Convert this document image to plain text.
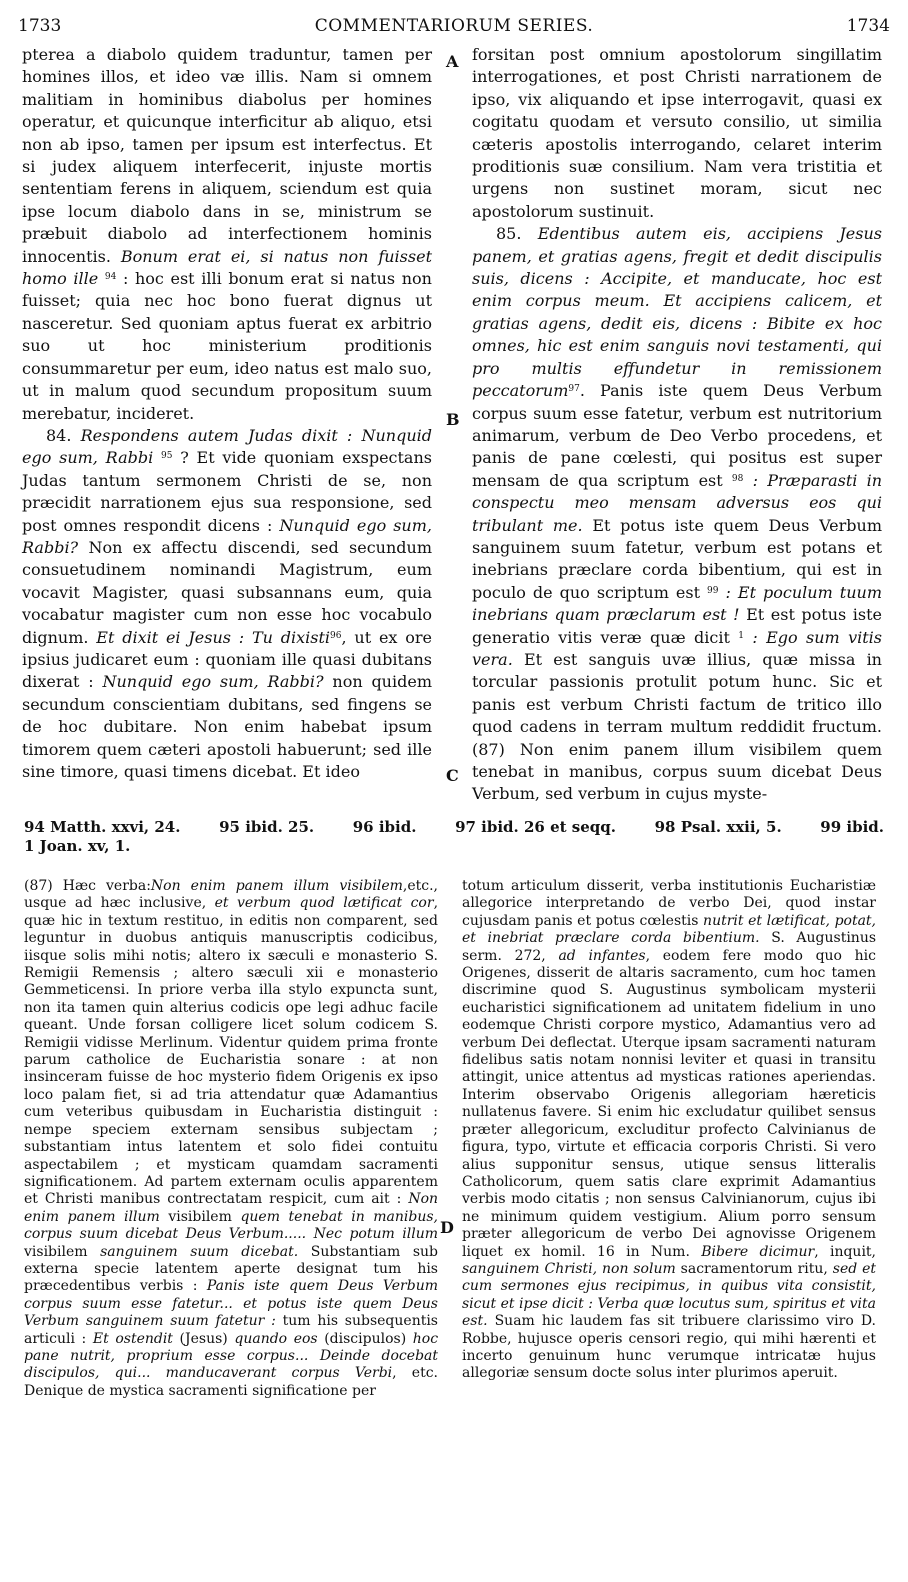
1733	COMMENTARIORUM SERIES.	1734

pterea a diabolo quidem traduntur, tamen per homines illos, et ideo væ illis. Nam si omnem malitiam in hominibus diabolus per homines operatur, et quicunque interficitur ab aliquo, etsi non ab ipso, tamen per ipsum est interfectus. Et si judex aliquem interfecerit, injuste mortis sententiam ferens in aliquem, sciendum est quia ipse locum diabolo dans in se, ministrum se præbuit diabolo ad interfectionem hominis innocentis. Bonum erat ei, si natus non fuisset homo ille $^{94}$ : hoc est illi bonum erat si natus non fuisset; quia nec hoc bono fuerat dignus ut nasceretur. Sed quoniam aptus fuerat ex arbitrio suo ut hoc ministerium proditionis consummaretur per eum, ideo natus est malo suo, ut in malum quod secundum propositum suum merebatur, incideret.

84. Respondens autem Judas dixit : Nunquid ego sum, Rabbi $^{95}$ ? Et vide quoniam exspectans Judas tantum sermonem Christi de se, non præcidit narrationem ejus sua responsione, sed post omnes respondit dicens : Nunquid ego sum, Rabbi? Non ex affectu discendi, sed secundum consuetudinem nominandi Magistrum, eum vocavit Magister, quasi subsannans eum, quia vocabatur magister cum non esse hoc vocabulo dignum. Et dixit ei Jesus : Tu dixisti$^{96}$, ut ex ore ipsius judicaret eum : quoniam ille quasi dubitans dixerat : Nunquid ego sum, Rabbi? non quidem secundum conscientiam dubitans, sed fingens se de hoc dubitare. Non enim habebat ipsum timorem quem cæteri apostoli habuerunt; sed ille sine timore, quasi timens dicebat. Et ideo

A
B
C
D

forsitan post omnium apostolorum singillatim interrogationes, et post Christi narrationem de ipso, vix aliquando et ipse interrogavit, quasi ex cogitatu quodam et versuto consilio, ut similia cæteris apostolis interrogando, celaret interim proditionis suæ consilium. Nam vera tristitia et urgens non sustinet moram, sicut nec apostolorum sustinuit.

85. Edentibus autem eis, accipiens Jesus panem, et gratias agens, fregit et dedit discipulis suis, dicens : Accipite, et manducate, hoc est enim corpus meum. Et accipiens calicem, et gratias agens, dedit eis, dicens : Bibite ex hoc omnes, hic est enim sanguis novi testamenti, qui pro multis effundetur in remissionem peccatorum$^{97}$. Panis iste quem Deus Verbum corpus suum esse fatetur, verbum est nutritorium animarum, verbum de Deo Verbo procedens, et panis de pane cœlesti, qui positus est super mensam de qua scriptum est $^{98}$ : Præparasti in conspectu meo mensam adversus eos qui tribulant me. Et potus iste quem Deus Verbum sanguinem suum fatetur, verbum est potans et inebrians præclare corda bibentium, qui est in poculo de quo scriptum est $^{99}$ : Et poculum tuum inebrians quam præclarum est ! Et est potus iste generatio vitis veræ quæ dicit $^1$ : Ego sum vitis vera. Et est sanguis uvæ illius, quæ missa in torcular passionis protulit potum hunc. Sic et panis est verbum Christi factum de tritico illo quod cadens in terram multum reddidit fructum.(87) Non enim panem illum visibilem quem tenebat in manibus, corpus suum dicebat Deus Verbum, sed verbum in cujus myste-

94 Matth. xxvi, 24.	95 ibid. 25.	96 ibid.	97 ibid. 26 et seqq.	98 Psal. xxii, 5.	99 ibid.
1 Joan. xv, 1.

(87) Hæc verba:Non enim panem illum visibilem,etc., usque ad hæc inclusive, et verbum quod lætificat cor, quæ hic in textum restituo, in editis non comparent, sed leguntur in duobus antiquis manuscriptis codicibus, iisque solis mihi notis; altero ix sæculi e monasterio S. Remigii Remensis ; altero sæculi xii e monasterio Gemmeticensi. In priore verba illa stylo expuncta sunt, non ita tamen quin alterius codicis ope legi adhuc facile queant. Unde forsan colligere licet solum codicem S. Remigii vidisse Merlinum. Videntur quidem prima fronte parum catholice de Eucharistia sonare : at non insinceram fuisse de hoc mysterio fidem Origenis ex ipso loco palam fiet, si ad tria attendatur quæ Adamantius cum veteribus quibusdam in Eucharistia distinguit : nempe speciem externam sensibus subjectam ; substantiam intus latentem et solo fidei contuitu aspectabilem ; et mysticam quamdam sacramenti significationem. Ad partem externam oculis apparentem et Christi manibus contrectatam respicit, cum ait : Non enim panem illum visibilem quem tenebat in manibus, corpus suum dicebat Deus Verbum..... Nec potum illum visibilem sanguinem suum dicebat. Substantiam sub externa specie latentem aperte designat tum his præcedentibus verbis : Panis iste quem Deus Verbum corpus suum esse fatetur... et potus iste quem Deus Verbum sanguinem suum fatetur : tum his subsequentis articuli : Et ostendit (Jesus) quando eos (discipulos) hoc pane nutrit, proprium esse corpus... Deinde docebat discipulos, qui... manducaverant corpus Verbi, etc. Denique de mystica sacramenti significatione per

totum articulum disserit, verba institutionis Eucharistiæ allegorice interpretando de verbo Dei, quod instar cujusdam panis et potus cœlestis nutrit et lætificat, potat, et inebriat præclare corda bibentium. S. Augustinus serm. 272, ad infantes, eodem fere modo quo hic Origenes, disserit de altaris sacramento, cum hoc tamen discrimine quod S. Augustinus symbolicam mysterii eucharistici significationem ad unitatem fidelium in uno eodemque Christi corpore mystico, Adamantius vero ad verbum Dei deflectat. Uterque ipsam sacramenti naturam fidelibus satis notam nonnisi leviter et quasi in transitu attingit, unice attentus ad mysticas rationes aperiendas. Interim observabo Origenis allegoriam hæreticis nullatenus favere. Si enim hic excludatur quilibet sensus præter allegoricum, excluditur profecto Calvinianus de figura, typo, virtute et efficacia corporis Christi. Si vero alius supponitur sensus, utique sensus litteralis Catholicorum, quem satis clare exprimit Adamantius verbis modo citatis ; non sensus Calvinianorum, cujus ibi ne minimum quidem vestigium. Alium porro sensum præter allegoricum de verbo Dei agnovisse Origenem liquet ex homil. 16 in Num. Bibere dicimur, inquit, sanguinem Christi, non solum sacramentorum ritu, sed et cum sermones ejus recipimus, in quibus vita consistit, sicut et ipse dicit : Verba quæ locutus sum, spiritus et vita est. Suam hic laudem fas sit tribuere clarissimo viro D. Robbe, hujusce operis censori regio, qui mihi hærenti et incerto genuinum hunc verumque intricatæ hujus allegoriæ sensum docte solus inter plurimos aperuit.
